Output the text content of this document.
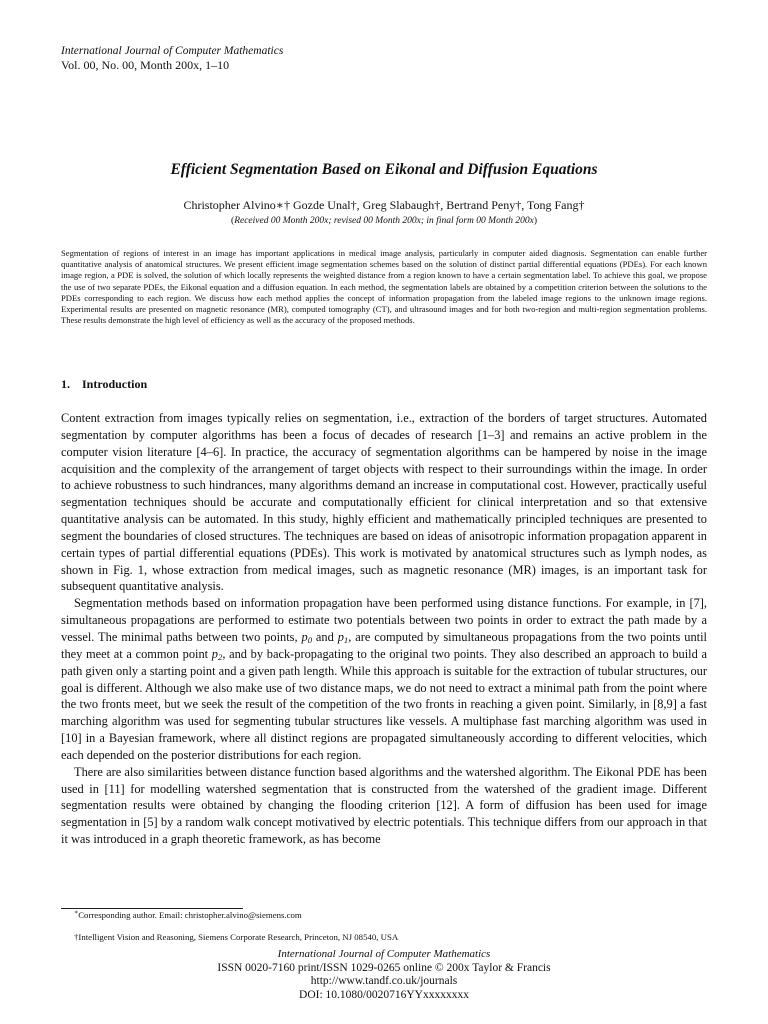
International Journal of Computer Mathematics
Vol. 00, No. 00, Month 200x, 1–10
Efficient Segmentation Based on Eikonal and Diffusion Equations
Christopher Alvino∗† Gozde Unal†, Greg Slabaugh†, Bertrand Peny†, Tong Fang†
(Received 00 Month 200x; revised 00 Month 200x; in final form 00 Month 200x)
Segmentation of regions of interest in an image has important applications in medical image analysis, particularly in computer aided diagnosis. Segmentation can enable further quantitative analysis of anatomical structures. We present efficient image segmentation schemes based on the solution of distinct partial differential equations (PDEs). For each known image region, a PDE is solved, the solution of which locally represents the weighted distance from a region known to have a certain segmentation label. To achieve this goal, we propose the use of two separate PDEs, the Eikonal equation and a diffusion equation. In each method, the segmentation labels are obtained by a competition criterion between the solutions to the PDEs corresponding to each region. We discuss how each method applies the concept of information propagation from the labeled image regions to the unknown image regions. Experimental results are presented on magnetic resonance (MR), computed tomography (CT), and ultrasound images and for both two-region and multi-region segmentation problems. These results demonstrate the high level of efficiency as well as the accuracy of the proposed methods.
1. Introduction

Content extraction from images typically relies on segmentation, i.e., extraction of the borders of target structures. Automated segmentation by computer algorithms has been a focus of decades of research [1–3] and remains an active problem in the computer vision literature [4–6]. In practice, the accuracy of segmentation algorithms can be hampered by noise in the image acquisition and the complexity of the arrangement of target objects with respect to their surroundings within the image. In order to achieve robustness to such hindrances, many algorithms demand an increase in computational cost. However, practically useful segmentation techniques should be accurate and computationally efficient for clinical interpretation and so that extensive quantitative analysis can be automated. In this study, highly efficient and mathematically principled techniques are presented to segment the boundaries of closed structures. The techniques are based on ideas of anisotropic information propagation apparent in certain types of partial differential equations (PDEs). This work is motivated by anatomical structures such as lymph nodes, as shown in Fig. 1, whose extraction from medical images, such as magnetic resonance (MR) images, is an important task for subsequent quantitative analysis.

Segmentation methods based on information propagation have been performed using distance functions. For example, in [7], simultaneous propagations are performed to estimate two potentials between two points in order to extract the path made by a vessel. The minimal paths between two points, $p_0$ and $p_1$, are computed by simultaneous propagations from the two points until they meet at a common point $p_2$, and by back-propagating to the original two points. They also described an approach to build a path given only a starting point and a given path length. While this approach is suitable for the extraction of tubular structures, our goal is different. Although we also make use of two distance maps, we do not need to extract a minimal path from the point where the two fronts meet, but we seek the result of the competition of the two fronts in reaching a given point. Similarly, in [8,9] a fast marching algorithm was used for segmenting tubular structures like vessels. A multiphase fast marching algorithm was used in [10] in a Bayesian framework, where all distinct regions are propagated simultaneously according to different velocities, which each depended on the posterior distributions for each region.

There are also similarities between distance function based algorithms and the watershed algorithm. The Eikonal PDE has been used in [11] for modelling watershed segmentation that is constructed from the watershed of the gradient image. Different segmentation results were obtained by changing the flooding criterion [12]. A form of diffusion has been used for image segmentation in [5] by a random walk concept motivatived by electric potentials. This technique differs from our approach in that it was introduced in a graph theoretic framework, as has become

∗Corresponding author. Email: christopher.alvino@siemens.com
†Intelligent Vision and Reasoning, Siemens Corporate Research, Princeton, NJ 08540, USA
International Journal of Computer Mathematics
ISSN 0020-7160 print/ISSN 1029-0265 online © 200x Taylor & Francis
http://www.tandf.co.uk/journals
DOI: 10.1080/0020716YYxxxxxxxx
